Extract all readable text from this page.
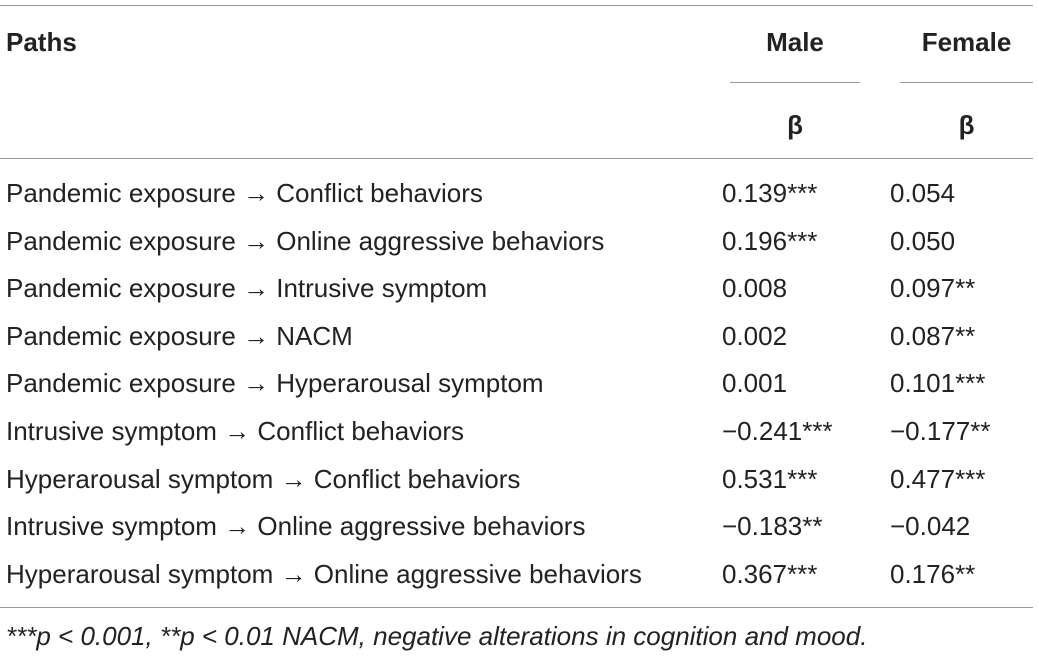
Paths	Male	Female
β	β
Pandemic exposure → Conflict behaviors	0.139***	0.054
Pandemic exposure → Online aggressive behaviors	0.196***	0.050
Pandemic exposure → Intrusive symptom	0.008	0.097**
Pandemic exposure → NACM	0.002	0.087**
Pandemic exposure → Hyperarousal symptom	0.001	0.101***
Intrusive symptom → Conflict behaviors	−0.241*** −0.177**
Hyperarousal symptom → Conflict behaviors	0.531***	0.477***
Intrusive symptom → Online aggressive behaviors	−0.183**	−0.042
Hyperarousal symptom → Online aggressive behaviors	0.367***	0.176**
***p < 0.001, **p < 0.01 NACM, negative alterations in cognition and mood.
